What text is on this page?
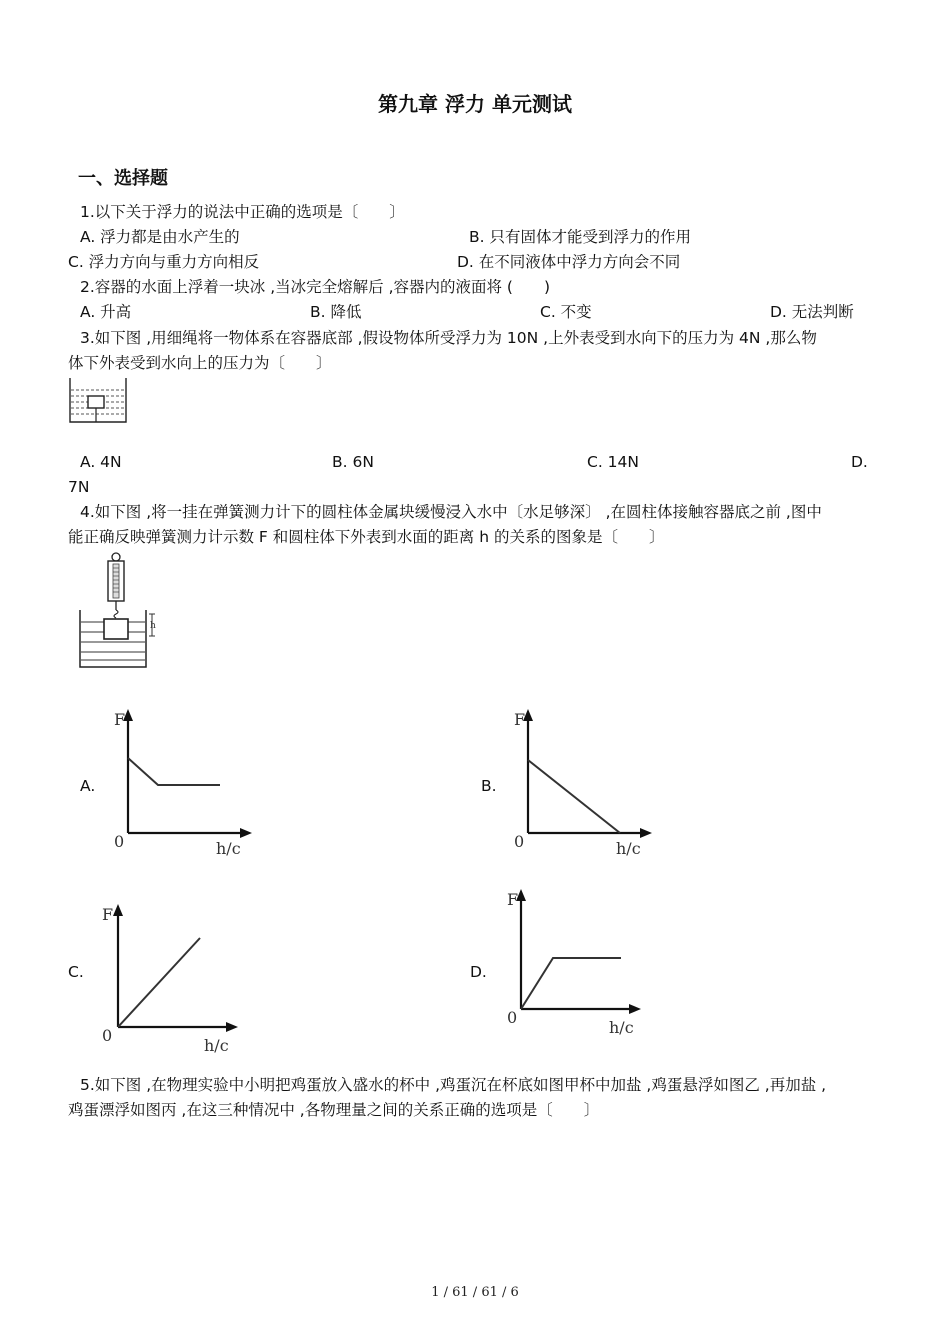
第九章 浮力 单元测试
一、选择题
1.以下关于浮力的说法中正确的选项是〔　　〕
A. 浮力都是由水产生的	B. 只有固体才能受到浮力的作用
C. 浮力方向与重力方向相反	D. 在不同液体中浮力方向会不同
2.容器的水面上浮着一块冰 ,当冰完全熔解后 ,容器内的液面将 (　　)
A. 升高	B. 降低	C. 不变	D. 无法判断
3.如下图 ,用细绳将一物体系在容器底部 ,假设物体所受浮力为 10N ,上外表受到水向下的压力为 4N ,那么物
体下外表受到水向上的压力为〔　　〕
A. 4N	B. 6N	C. 14N	D.
7N
4.如下图 ,将一挂在弹簧测力计下的圆柱体金属块缓慢浸入水中〔水足够深〕 ,在圆柱体接触容器底之前 ,图中
能正确反映弹簧测力计示数 F 和圆柱体下外表到水面的距离 h 的关系的图象是〔　　〕
h
A.	B.
C.	D.
F
0	h/c
F
0	h/c
F
0
h/c
F
0
h/c
5.如下图 ,在物理实验中小明把鸡蛋放入盛水的杯中 ,鸡蛋沉在杯底如图甲杯中加盐 ,鸡蛋悬浮如图乙 ,再加盐 ,
鸡蛋漂浮如图丙 ,在这三种情况中 ,各物理量之间的关系正确的选项是〔　　〕
1 / 61 / 61 / 6
